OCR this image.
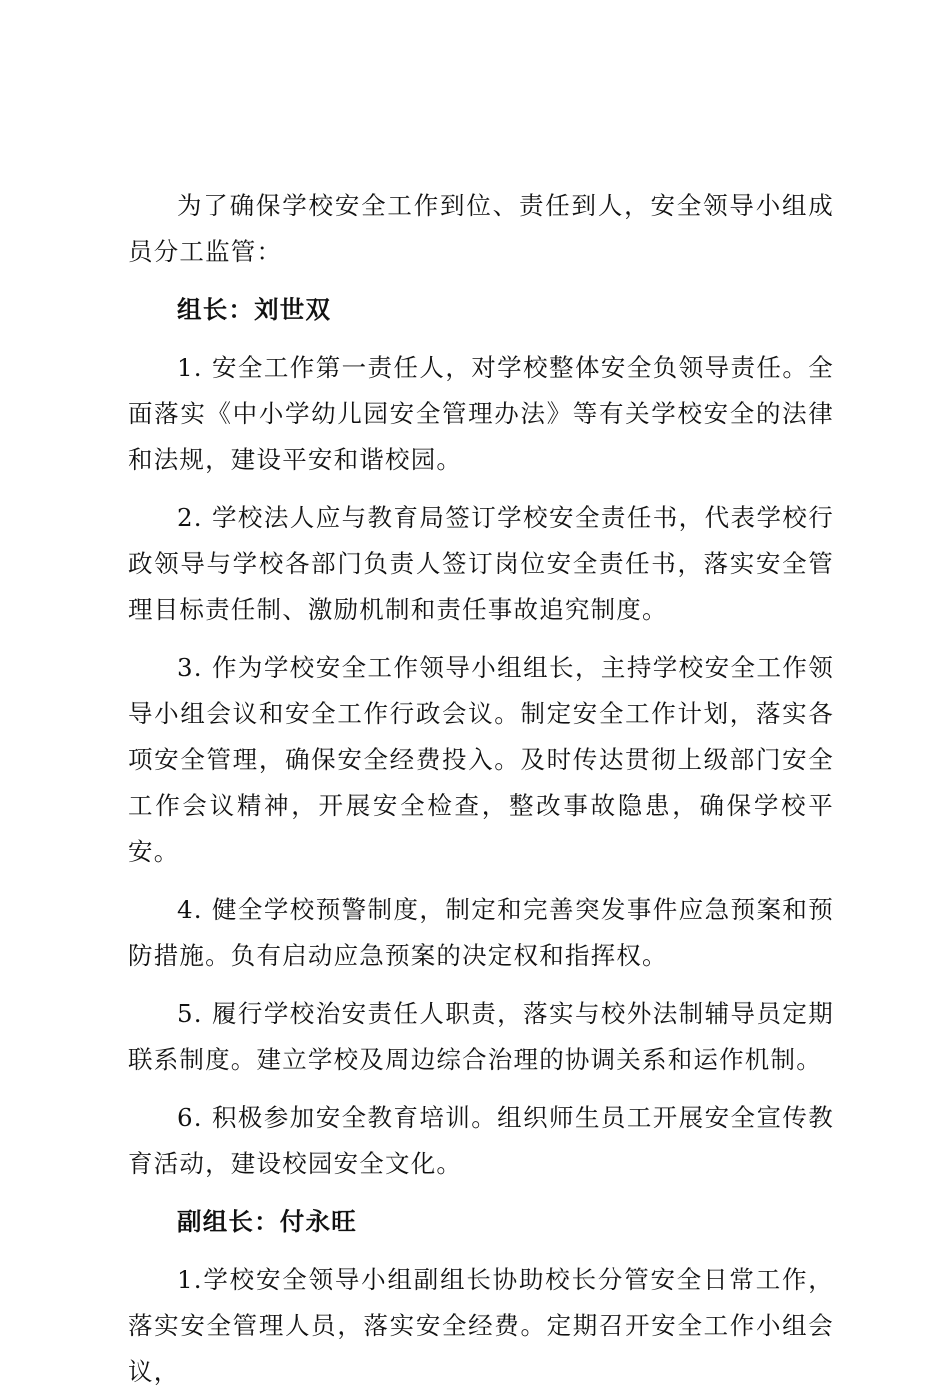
为了确保学校安全工作到位、责任到人，安全领导小组成员分工监管：

组长：刘世双

1. 安全工作第一责任人，对学校整体安全负领导责任。全面落实《中小学幼儿园安全管理办法》等有关学校安全的法律和法规，建设平安和谐校园。

2. 学校法人应与教育局签订学校安全责任书，代表学校行政领导与学校各部门负责人签订岗位安全责任书，落实安全管理目标责任制、激励机制和责任事故追究制度。

3. 作为学校安全工作领导小组组长，主持学校安全工作领导小组会议和安全工作行政会议。制定安全工作计划，落实各项安全管理，确保安全经费投入。及时传达贯彻上级部门安全工作会议精神，开展安全检查，整改事故隐患，确保学校平安。

4. 健全学校预警制度，制定和完善突发事件应急预案和预防措施。负有启动应急预案的决定权和指挥权。

5. 履行学校治安责任人职责，落实与校外法制辅导员定期联系制度。建立学校及周边综合治理的协调关系和运作机制。

6. 积极参加安全教育培训。组织师生员工开展安全宣传教育活动，建设校园安全文化。

副组长：付永旺

1.学校安全领导小组副组长协助校长分管安全日常工作，落实安全管理人员，落实安全经费。定期召开安全工作小组会议，
